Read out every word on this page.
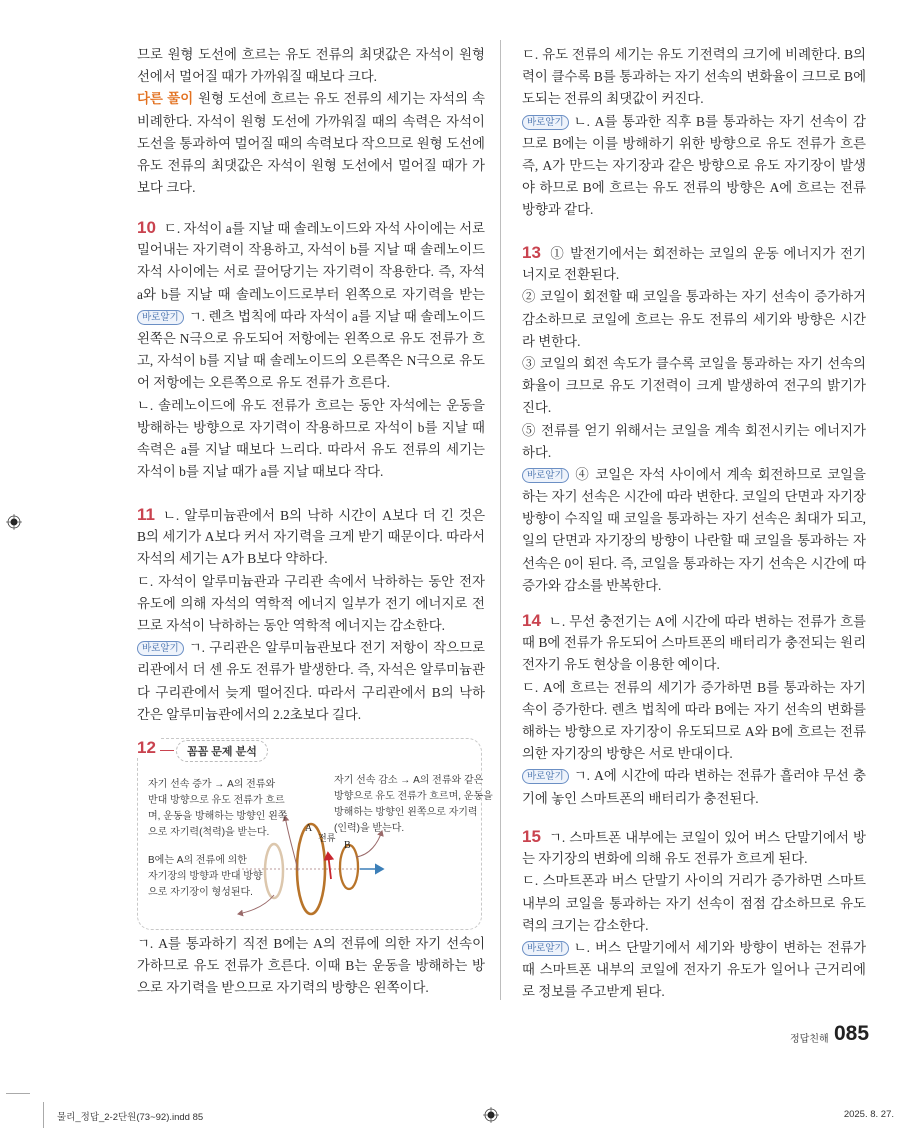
므로 원형 도선에 흐르는 유도 전류의 최댓값은 자석이 원형
선에서 멀어질 때가 가까워질 때보다 크다.
다른 풀이 원형 도선에 흐르는 유도 전류의 세기는 자석의 속
비례한다. 자석이 원형 도선에 가까워질 때의 속력은 자석이
도선을 통과하여 멀어질 때의 속력보다 작으므로 원형 도선에
유도 전류의 최댓값은 자석이 원형 도선에서 멀어질 때가 가
보다 크다.
10 ㄷ. 자석이 a를 지날 때 솔레노이드와 자석 사이에는 서로
밀어내는 자기력이 작용하고, 자석이 b를 지날 때 솔레노이드
자석 사이에는 서로 끌어당기는 자기력이 작용한다. 즉, 자석
a와 b를 지날 때 솔레노이드로부터 왼쪽으로 자기력을 받는
바로알기 ㄱ. 렌츠 법칙에 따라 자석이 a를 지날 때 솔레노이드
왼쪽은 N극으로 유도되어 저항에는 왼쪽으로 유도 전류가 흐
고, 자석이 b를 지날 때 솔레노이드의 오른쪽은 N극으로 유도
어 저항에는 오른쪽으로 유도 전류가 흐른다.
ㄴ. 솔레노이드에 유도 전류가 흐르는 동안 자석에는 운동을
방해하는 방향으로 자기력이 작용하므로 자석이 b를 지날 때
속력은 a를 지날 때보다 느리다. 따라서 유도 전류의 세기는
자석이 b를 지날 때가 a를 지날 때보다 작다.
11 ㄴ. 알루미늄관에서 B의 낙하 시간이 A보다 더 긴 것은
B의 세기가 A보다 커서 자기력을 크게 받기 때문이다. 따라서
자석의 세기는 A가 B보다 약하다.
ㄷ. 자석이 알루미늄관과 구리관 속에서 낙하하는 동안 전자
유도에 의해 자석의 역학적 에너지 일부가 전기 에너지로 전
므로 자석이 낙하하는 동안 역학적 에너지는 감소한다.
바로알기 ㄱ. 구리관은 알루미늄관보다 전기 저항이 작으므로
리관에서 더 센 유도 전류가 발생한다. 즉, 자석은 알루미늄관
다 구리관에서 늦게 떨어진다. 따라서 구리관에서 B의 낙하
간은 알루미늄관에서의 2.2초보다 길다.
ㄱ. A를 통과하기 직전 B에는 A의 전류에 의한 자기 선속이
가하므로 유도 전류가 흐른다. 이때 B는 운동을 방해하는 방
으로 자기력을 받으므로 자기력의 방향은 왼쪽이다.
ㄷ. 유도 전류의 세기는 유도 기전력의 크기에 비례한다. B의
력이 클수록 B를 통과하는 자기 선속의 변화율이 크므로 B에
도되는 전류의 최댓값이 커진다.
바로알기 ㄴ. A를 통과한 직후 B를 통과하는 자기 선속이 감
므로 B에는 이를 방해하기 위한 방향으로 유도 전류가 흐른
즉, A가 만드는 자기장과 같은 방향으로 유도 자기장이 발생
야 하므로 B에 흐르는 유도 전류의 방향은 A에 흐르는 전류
방향과 같다.
13 ① 발전기에서는 회전하는 코일의 운동 에너지가 전기
너지로 전환된다.
② 코일이 회전할 때 코일을 통과하는 자기 선속이 증가하거
감소하므로 코일에 흐르는 유도 전류의 세기와 방향은 시간
라 변한다.
③ 코일의 회전 속도가 클수록 코일을 통과하는 자기 선속의
화율이 크므로 유도 기전력이 크게 발생하여 전구의 밝기가
진다.
⑤ 전류를 얻기 위해서는 코일을 계속 회전시키는 에너지가
하다.
바로알기 ④ 코일은 자석 사이에서 계속 회전하므로 코일을
하는 자기 선속은 시간에 따라 변한다. 코일의 단면과 자기장
방향이 수직일 때 코일을 통과하는 자기 선속은 최대가 되고,
일의 단면과 자기장의 방향이 나란할 때 코일을 통과하는 자
선속은 0이 된다. 즉, 코일을 통과하는 자기 선속은 시간에 따
증가와 감소를 반복한다.
14 ㄴ. 무선 충전기는 A에 시간에 따라 변하는 전류가 흐를
때 B에 전류가 유도되어 스마트폰의 배터리가 충전되는 원리
전자기 유도 현상을 이용한 예이다.
ㄷ. A에 흐르는 전류의 세기가 증가하면 B를 통과하는 자기
속이 증가한다. 렌츠 법칙에 따라 B에는 자기 선속의 변화를
해하는 방향으로 자기장이 유도되므로 A와 B에 흐르는 전류
의한 자기장의 방향은 서로 반대이다.
바로알기 ㄱ. A에 시간에 따라 변하는 전류가 흘러야 무선 충
기에 놓인 스마트폰의 배터리가 충전된다.
15 ㄱ. 스마트폰 내부에는 코일이 있어 버스 단말기에서 방
는 자기장의 변화에 의해 유도 전류가 흐르게 된다.
ㄷ. 스마트폰과 버스 단말기 사이의 거리가 증가하면 스마트
내부의 코일을 통과하는 자기 선속이 점점 감소하므로 유도
력의 크기는 감소한다.
바로알기 ㄴ. 버스 단말기에서 세기와 방향이 변하는 전류가
때 스마트폰 내부의 코일에 전자기 유도가 일어나 근거리에
로 정보를 주고받게 된다.
자기 선속 증가 → A의 전류와
반대 방향으로 유도 전류가 흐르
며, 운동을 방해하는 방향인 왼쪽
으로 자기력(척력)을 받는다.
자기 선속 감소 → A의 전류와 같은
방향으로 유도 전류가 흐르며, 운동을
방해하는 방향인 왼쪽으로 자기력
(인력)을 받는다.
B에는 A의 전류에 의한
자기장의 방향과 반대 방향
으로 자기장이 형성된다.
A
전류
B
12	꼼꼼 문제 분석
정답친해 085
물리_정답_2-2단원(73~92).indd 85	2025. 8. 27.
